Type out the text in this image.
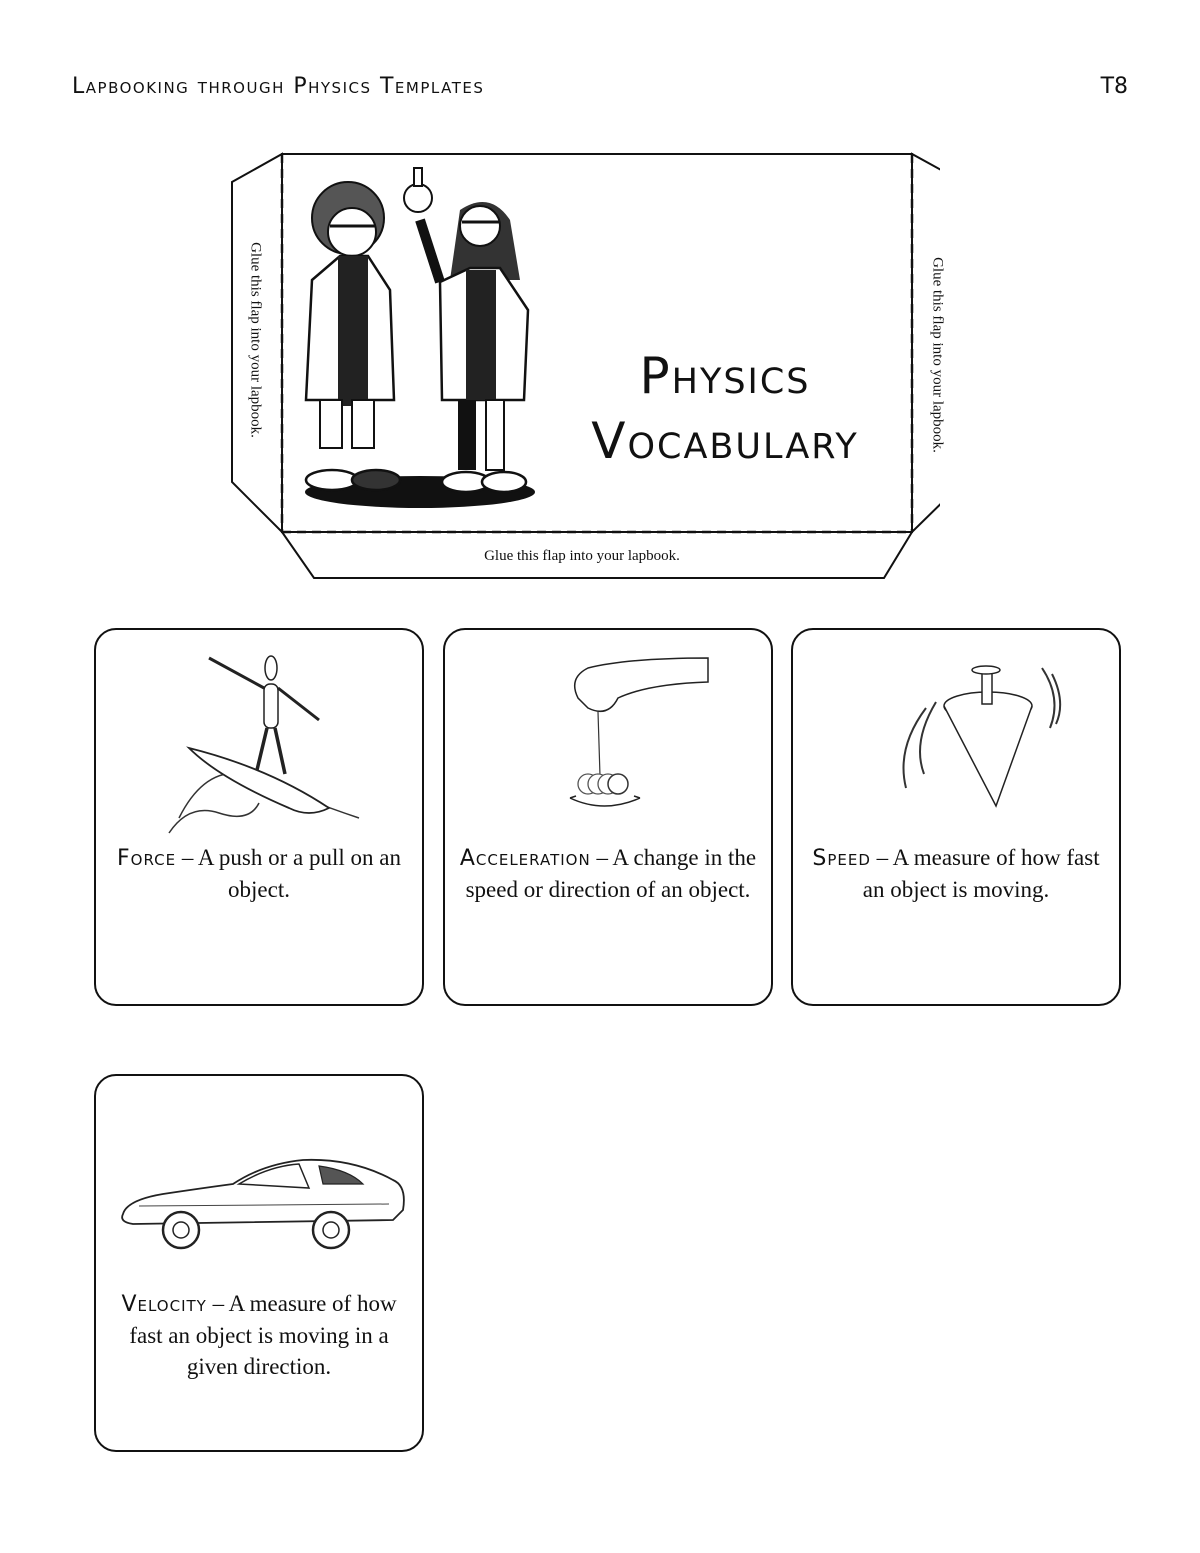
Lapbooking through Physics Templates	T8
Physics
Vocabulary
Glue this flap into your lapbook.	Glue this flap into your lapbook.
Glue this flap into your lapbook.
Force – A push or a pull on an object.
Acceleration – A change in the speed or direction of an object.
Speed – A measure of how fast an object is moving.
Velocity – A measure of how fast an object is moving in a given direction.
